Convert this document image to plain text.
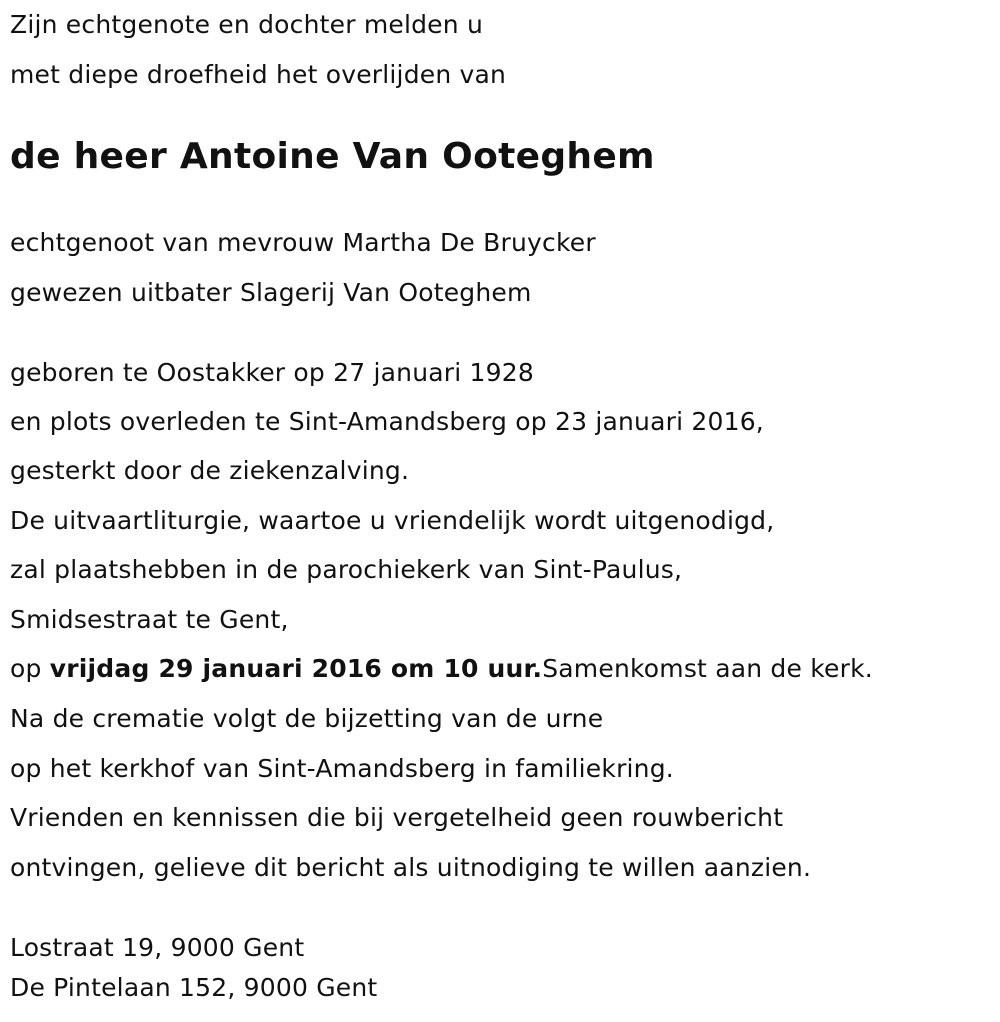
Zijn echtgenote en dochter melden u
met diepe droefheid het overlijden van
de heer Antoine Van Ooteghem
echtgenoot van mevrouw Martha De Bruycker
gewezen uitbater Slagerij Van Ooteghem
geboren te Oostakker op 27 januari 1928
en plots overleden te Sint-Amandsberg op 23 januari 2016,
gesterkt door de ziekenzalving.
De uitvaartliturgie, waartoe u vriendelijk wordt uitgenodigd,
zal plaatshebben in de parochiekerk van Sint-Paulus,
Smidsestraat te Gent,
op vrijdag 29 januari 2016 om 10 uur.Samenkomst aan de kerk.
Na de crematie volgt de bijzetting van de urne
op het kerkhof van Sint-Amandsberg in familiekring.
Vrienden en kennissen die bij vergetelheid geen rouwbericht
ontvingen, gelieve dit bericht als uitnodiging te willen aanzien.
Lostraat 19, 9000 Gent
De Pintelaan 152, 9000 Gent
